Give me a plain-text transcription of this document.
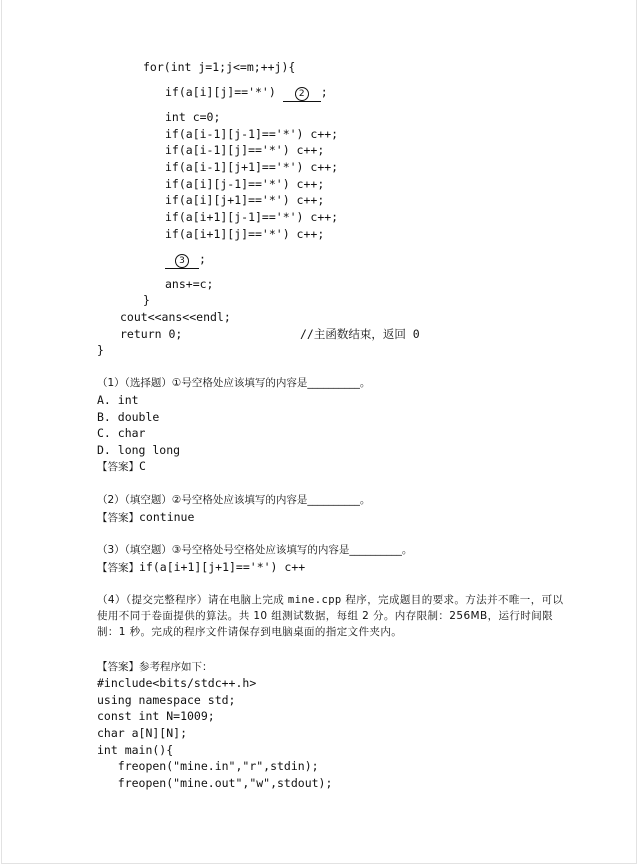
for(int j=1;j<=m;++j){
if(a[i][j]=='*') 2 ;
int c=0;
if(a[i-1][j-1]=='*') c++;
if(a[i-1][j]=='*') c++;
if(a[i-1][j+1]=='*') c++;
if(a[i][j-1]=='*') c++;
if(a[i][j+1]=='*') c++;
if(a[i+1][j-1]=='*') c++;
if(a[i+1][j]=='*') c++;
3 ;
ans+=c;
}
cout<<ans<<endl;
return 0;	//主函数结束，返回 0
}
（1）（选择题）①号空格处应该填写的内容是__________。
A. int
B. double
C. char
D. long long
【答案】C
（2）（填空题）②号空格处应该填写的内容是__________。
【答案】continue
（3）（填空题）③号空格处号空格处应该填写的内容是__________。
【答案】if(a[i+1][j+1]=='*') c++
（4）（提交完整程序）请在电脑上完成 mine.cpp 程序，完成题目的要求。方法并不唯一，可以使用不同于卷面提供的算法。共 10 组测试数据，每组 2 分。内存限制：256MB，运行时间限制：1 秒。完成的程序文件请保存到电脑桌面的指定文件夹内。
【答案】参考程序如下：
#include<bits/stdc++.h>
using namespace std;
const int N=1009;
char a[N][N];
int main(){
freopen("mine.in","r",stdin);
freopen("mine.out","w",stdout);
